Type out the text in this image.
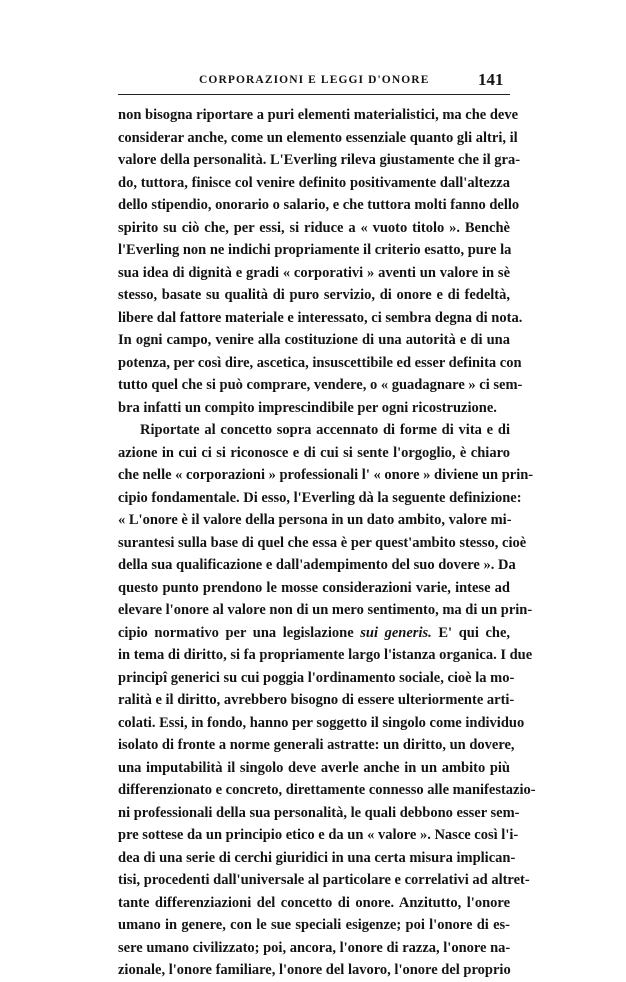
CORPORAZIONI E LEGGI D'ONORE	141
non bisogna riportare a puri elementi materialistici, ma che deve
considerar anche, come un elemento essenziale quanto gli altri, il
valore della personalità. L'Everling rileva giustamente che il gra-
do, tuttora, finisce col venire definito positivamente dall'altezza
dello stipendio, onorario o salario, e che tuttora molti fanno dello
spirito su ciò che, per essi, si riduce a « vuoto titolo ». Benchè
l'Everling non ne indichi propriamente il criterio esatto, pure la
sua idea di dignità e gradi « corporativi » aventi un valore in sè
stesso, basate su qualità di puro servizio, di onore e di fedeltà,
libere dal fattore materiale e interessato, ci sembra degna di nota.
In ogni campo, venire alla costituzione di una autorità e di una
potenza, per così dire, ascetica, insuscettibile ed esser definita con
tutto quel che si può comprare, vendere, o « guadagnare » ci sem-
bra infatti un compito imprescindibile per ogni ricostruzione.
Riportate al concetto sopra accennato di forme di vita e di
azione in cui ci si riconosce e di cui si sente l'orgoglio, è chiaro
che nelle « corporazioni » professionali l' « onore » diviene un prin-
cipio fondamentale. Di esso, l'Everling dà la seguente definizione:
« L'onore è il valore della persona in un dato ambito, valore mi-
surantesi sulla base di quel che essa è per quest'ambito stesso, cioè
della sua qualificazione e dall'adempimento del suo dovere ». Da
questo punto prendono le mosse considerazioni varie, intese ad
elevare l'onore al valore non di un mero sentimento, ma di un prin-
cipio normativo per una legislazione sui generis. E' qui che,
in tema di diritto, si fa propriamente largo l'istanza organica. I due
principî generici su cui poggia l'ordinamento sociale, cioè la mo-
ralità e il diritto, avrebbero bisogno di essere ulteriormente arti-
colati. Essi, in fondo, hanno per soggetto il singolo come individuo
isolato di fronte a norme generali astratte: un diritto, un dovere,
una imputabilità il singolo deve averle anche in un ambito più
differenzionato e concreto, direttamente connesso alle manifestazio-
ni professionali della sua personalità, le quali debbono esser sem-
pre sottese da un principio etico e da un « valore ». Nasce così l'i-
dea di una serie di cerchi giuridici in una certa misura implican-
tisi, procedenti dall'universale al particolare e correlativi ad altret-
tante differenziazioni del concetto di onore. Anzitutto, l'onore
umano in genere, con le sue speciali esigenze; poi l'onore di es-
sere umano civilizzato; poi, ancora, l'onore di razza, l'onore na-
zionale, l'onore familiare, l'onore del lavoro, l'onore del proprio
